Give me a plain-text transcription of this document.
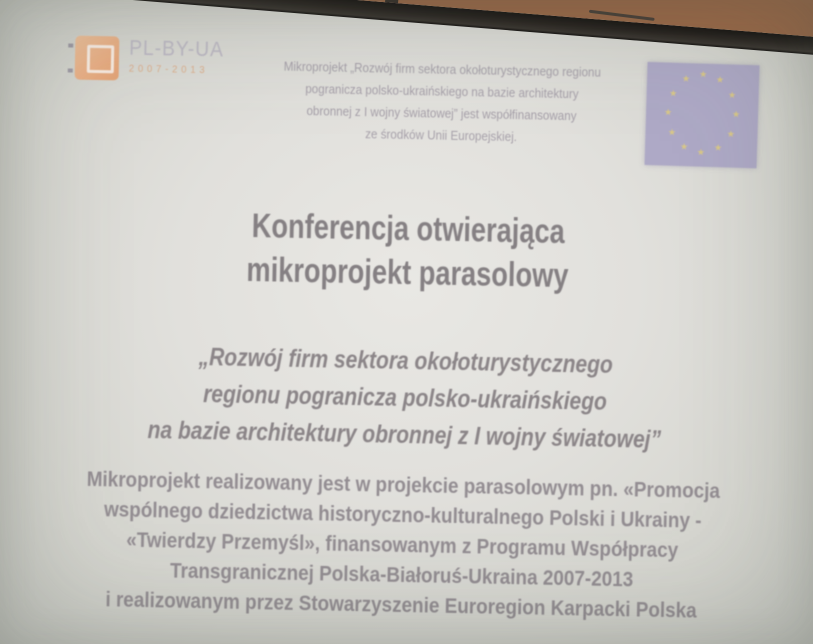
PL-BY-UA
2007-2013	Mikroprojekt „Rozwój firm sektora okołoturystycznego regionu
pogranicza polsko-ukraińskiego na bazie architektury
obronnej z I wojny światowej” jest współfinansowany
ze środków Unii Europejskiej.
★
★
★
★
★
★
★
★
★
★
★
★
Konferencja otwierająca
mikroprojekt parasolowy
„Rozwój firm sektora okołoturystycznego
regionu pogranicza polsko-ukraińskiego
na bazie architektury obronnej z I wojny światowej”
Mikroprojekt realizowany jest w projekcie parasolowym pn. «Promocja
wspólnego dziedzictwa historyczno-kulturalnego Polski i Ukrainy -
«Twierdzy Przemyśl», finansowanym z Programu Współpracy
Transgranicznej Polska-Białoruś-Ukraina 2007-2013
i realizowanym przez Stowarzyszenie Euroregion Karpacki Polska
